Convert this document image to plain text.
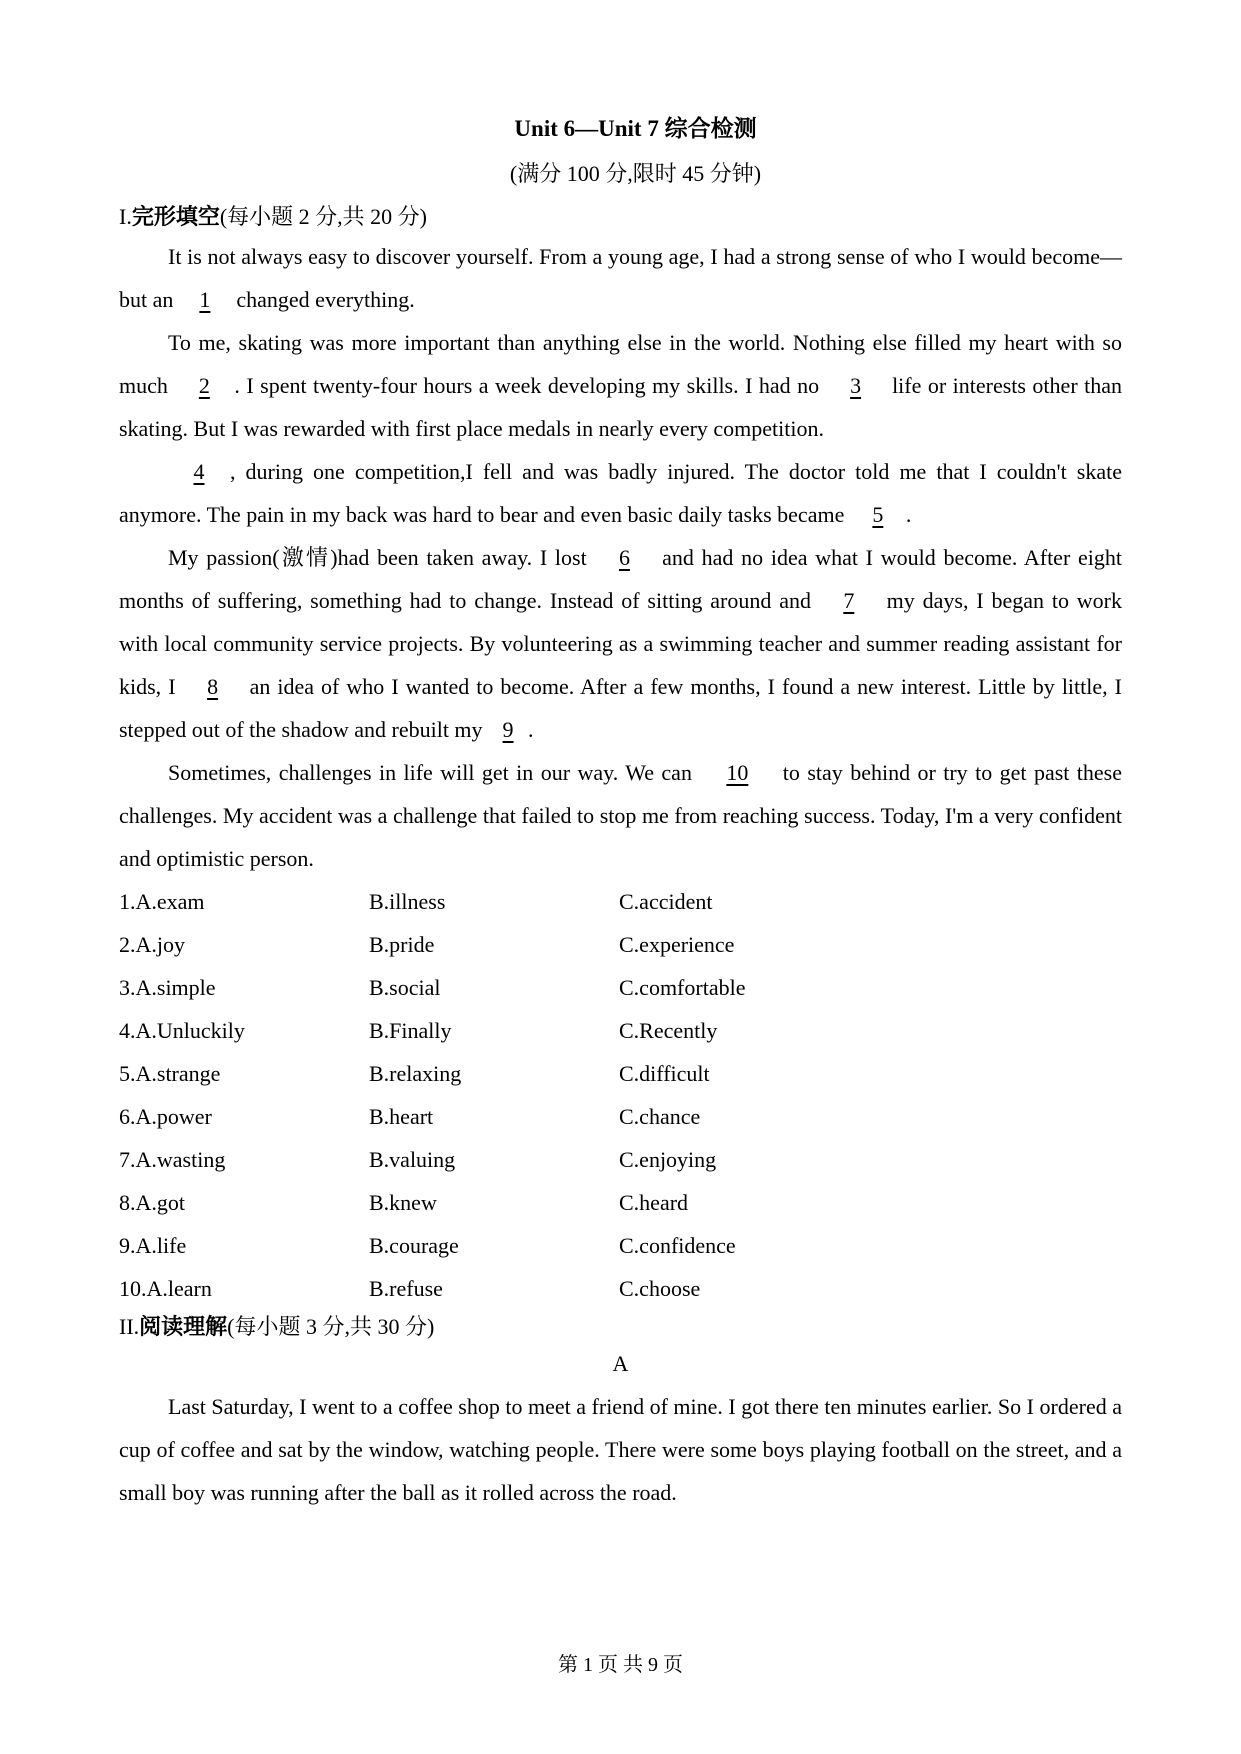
Unit 6—Unit 7 综合检测
(满分 100 分,限时 45 分钟)
I.完形填空(每小题 2 分,共 20 分)

It is not always easy to discover yourself. From a young age, I had a strong sense of who I would become—but an 1 changed everything.

To me, skating was more important than anything else in the world. Nothing else filled my heart with so much 2 . I spent twenty-four hours a week developing my skills. I had no 3 life or interests other than skating. But I was rewarded with first place medals in nearly every competition.

4 , during one competition,I fell and was badly injured. The doctor told me that I couldn't skate anymore. The pain in my back was hard to bear and even basic daily tasks became 5 .

My passion(激情)had been taken away. I lost 6 and had no idea what I would become. After eight months of suffering, something had to change. Instead of sitting around and 7 my days, I began to work with local community service projects. By volunteering as a swimming teacher and summer reading assistant for kids, I 8 an idea of who I wanted to become. After a few months, I found a new interest. Little by little, I stepped out of the shadow and rebuilt my 9 .

Sometimes, challenges in life will get in our way. We can 10 to stay behind or try to get past these challenges. My accident was a challenge that failed to stop me from reaching success. Today, I'm a very confident and optimistic person.

1.A.exam	B.illness	C.accident
2.A.joy	B.pride	C.experience
3.A.simple	B.social	C.comfortable
4.A.Unluckily	B.Finally	C.Recently
5.A.strange	B.relaxing	C.difficult
6.A.power	B.heart	C.chance
7.A.wasting	B.valuing	C.enjoying
8.A.got	B.knew	C.heard
9.A.life	B.courage	C.confidence
10.A.learn	B.refuse	C.choose
II.阅读理解(每小题 3 分,共 30 分)
A

Last Saturday, I went to a coffee shop to meet a friend of mine. I got there ten minutes earlier. So I ordered a cup of coffee and sat by the window, watching people. There were some boys playing football on the street, and a small boy was running after the ball as it rolled across the road.

第 1 页 共 9 页
